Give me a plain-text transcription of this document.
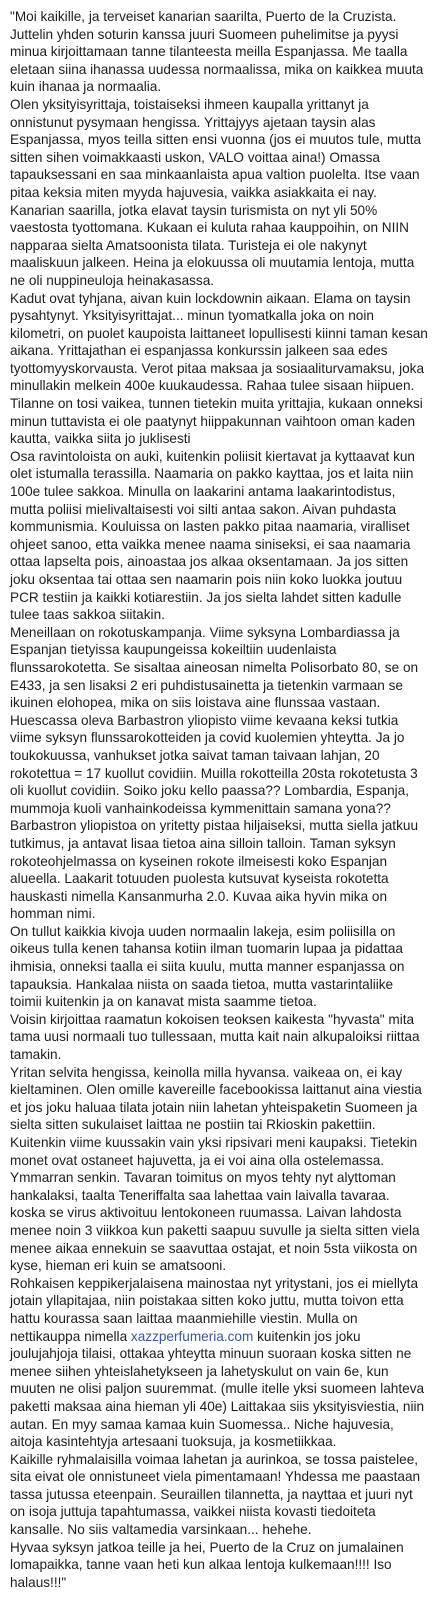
"Moi kaikille, ja terveiset kanarian saarilta, Puerto de la Cruzista. Juttelin yhden soturin kanssa juuri Suomeen puhelimitse ja pyysi minua kirjoittamaan tanne tilanteesta meilla Espanjassa. Me taalla eletaan siina ihanassa uudessa normaalissa, mika on kaikkea muuta kuin ihanaa ja normaalia.

Olen yksityisyrittaja, toistaiseksi ihmeen kaupalla yrittanyt ja onnistunut pysymaan hengissa. Yrittajyys ajetaan taysin alas Espanjassa, myos teilla sitten ensi vuonna (jos ei muutos tule, mutta sitten sihen voimakkaasti uskon, VALO voittaa aina!) Omassa tapauksessani en saa minkaanlaista apua valtion puolelta. Itse vaan pitaa keksia miten myyda hajuvesia, vaikka asiakkaita ei nay. Kanarian saarilla, jotka elavat taysin turismista on nyt yli 50% vaestosta tyottomana. Kukaan ei kuluta rahaa kauppoihin, on NIIN napparaa sielta Amatsoonista tilata. Turisteja ei ole nakynyt maaliskuun jalkeen. Heina ja elokuussa oli muutamia lentoja, mutta ne oli nuppineuloja heinakasassa.

Kadut ovat tyhjana, aivan kuin lockdownin aikaan. Elama on taysin pysahtynyt. Yksityisyrittajat... minun tyomatkalla joka on noin kilometri, on puolet kaupoista laittaneet lopullisesti kiinni taman kesan aikana. Yrittajathan ei espanjassa konkurssin jalkeen saa edes tyottomyyskorvausta. Verot pitaa maksaa ja sosiaaliturvamaksu, joka minullakin melkein 400e kuukaudessa. Rahaa tulee sisaan hiipuen. Tilanne on tosi vaikea, tunnen tietekin muita yrittajia, kukaan onneksi minun tuttavista ei ole paatynyt hiippakunnan vaihtoon oman kaden kautta, vaikka siita jo juklisesti

Osa ravintoloista on auki, kuitenkin poliisit kiertavat ja kyttaavat kun olet istumalla terassilla. Naamaria on pakko kayttaa, jos et laita niin 100e tulee sakkoa. Minulla on laakarini antama laakarintodistus, mutta poliisi mielivaltaisesti voi silti antaa sakon. Aivan puhdasta kommunismia. Kouluissa on lasten pakko pitaa naamaria, viralliset ohjeet sanoo, etta vaikka menee naama siniseksi, ei saa naamaria ottaa lapselta pois, ainoastaa jos alkaa oksentamaan. Ja jos sitten joku oksentaa tai ottaa sen naamarin pois niin koko luokka joutuu PCR testiin ja kaikki kotiarestiin. Ja jos sielta lahdet sitten kadulle tulee taas sakkoa siitakin.

Meneillaan on rokotuskampanja. Viime syksyna Lombardiassa ja Espanjan tietyissa kaupungeissa kokeiltiin uudenlaista flunssarokotetta. Se sisaltaa aineosan nimelta Polisorbato 80, se on E433, ja sen lisaksi 2 eri puhdistusainetta ja tietenkin varmaan se ikuinen elohopea, mika on siis loistava aine flunssaa vastaan. Huescassa oleva Barbastron yliopisto viime kevaana keksi tutkia viime syksyn flunssarokotteiden ja covid kuolemien yhteytta. Ja jo toukokuussa, vanhukset jotka saivat taman taivaan lahjan, 20 rokotettua = 17 kuollut covidiin. Muilla rokotteilla 20sta rokotetusta 3 oli kuollut covidiin. Soiko joku kello paassa?? Lombardia, Espanja, mummoja kuoli vanhainkodeissa kymmenittain samana yona?? Barbastron yliopistoa on yritetty pistaa hiljaiseksi, mutta siella jatkuu tutkimus, ja antavat lisaa tietoa aina silloin talloin. Taman syksyn rokoteohjelmassa on kyseinen rokote ilmeisesti koko Espanjan alueella. Laakarit totuuden puolesta kutsuvat kyseista rokotetta hauskasti nimella Kansanmurha 2.0. Kuvaa aika hyvin mika on homman nimi.

On tullut kaikkia kivoja uuden normaalin lakeja, esim poliisilla on oikeus tulla kenen tahansa kotiin ilman tuomarin lupaa ja pidattaa ihmisia, onneksi taalla ei siita kuulu, mutta manner espanjassa on tapauksia. Hankalaa niista on saada tietoa, mutta vastarintaliike toimii kuitenkin ja on kanavat mista saamme tietoa.

Voisin kirjoittaa raamatun kokoisen teoksen kaikesta "hyvasta" mita tama uusi normaali tuo tullessaan, mutta kait nain alkupaloiksi riittaa tamakin.

Yritan selvita hengissa, keinolla milla hyvansa. vaikeaa on, ei kay kieltaminen. Olen omille kavereille facebookissa laittanut aina viestia et jos joku haluaa tilata jotain niin lahetan yhteispaketin Suomeen ja sielta sitten sukulaiset laittaa ne postiin tai Rkioskin pakettiin. Kuitenkin viime kuussakin vain yksi ripsivari meni kaupaksi. Tietekin monet ovat ostaneet hajuvetta, ja ei voi aina olla ostelemassa. Ymmarran senkin. Tavaran toimitus on myos tehty nyt alyttoman hankalaksi, taalta Teneriffalta saa lahettaa vain laivalla tavaraa. koska se virus aktivoituu lentokoneen ruumassa. Laivan lahdosta menee noin 3 viikkoa kun paketti saapuu suvulle ja sielta sitten viela menee aikaa ennekuin se saavuttaa ostajat, et noin 5sta viikosta on kyse, hieman eri kuin se amatsooni.

Rohkaisen keppikerjalaisena mainostaa nyt yritystani, jos ei miellyta jotain yllapitajaa, niin poistakaa sitten koko juttu, mutta toivon etta hattu kourassa saan laittaa maanmiehille viestin. Mulla on nettikauppa nimella xazzperfumeria.com kuitenkin jos joku joulujahjoja tilaisi, ottakaa yhteytta minuun suoraan koska sitten ne menee siihen yhteislahetykseen ja lahetyskulut on vain 6e, kun muuten ne olisi paljon suuremmat. (mulle itelle yksi suomeen lahteva paketti maksaa aina hieman yli 40e) Laittakaa siis yksityisviestia, niin autan. En myy samaa kamaa kuin Suomessa.. Niche hajuvesia, aitoja kasintehtyja artesaani tuoksuja, ja kosmetiikkaa.

Kaikille ryhmalaisilla voimaa lahetan ja aurinkoa, se tossa paistelee, sita eivat ole onnistuneet viela pimentamaan! Yhdessa me paastaan tassa jutussa eteenpain. Seuraillen tilannetta, ja nayttaa et juuri nyt on isoja juttuja tapahtumassa, vaikkei niista kovasti tiedoiteta kansalle. No siis valtamedia varsinkaan... hehehe.

Hyvaa syksyn jatkoa teille ja hei, Puerto de la Cruz on jumalainen lomapaikka, tanne vaan heti kun alkaa lentoja kulkemaan!!!! Iso halaus!!!"
